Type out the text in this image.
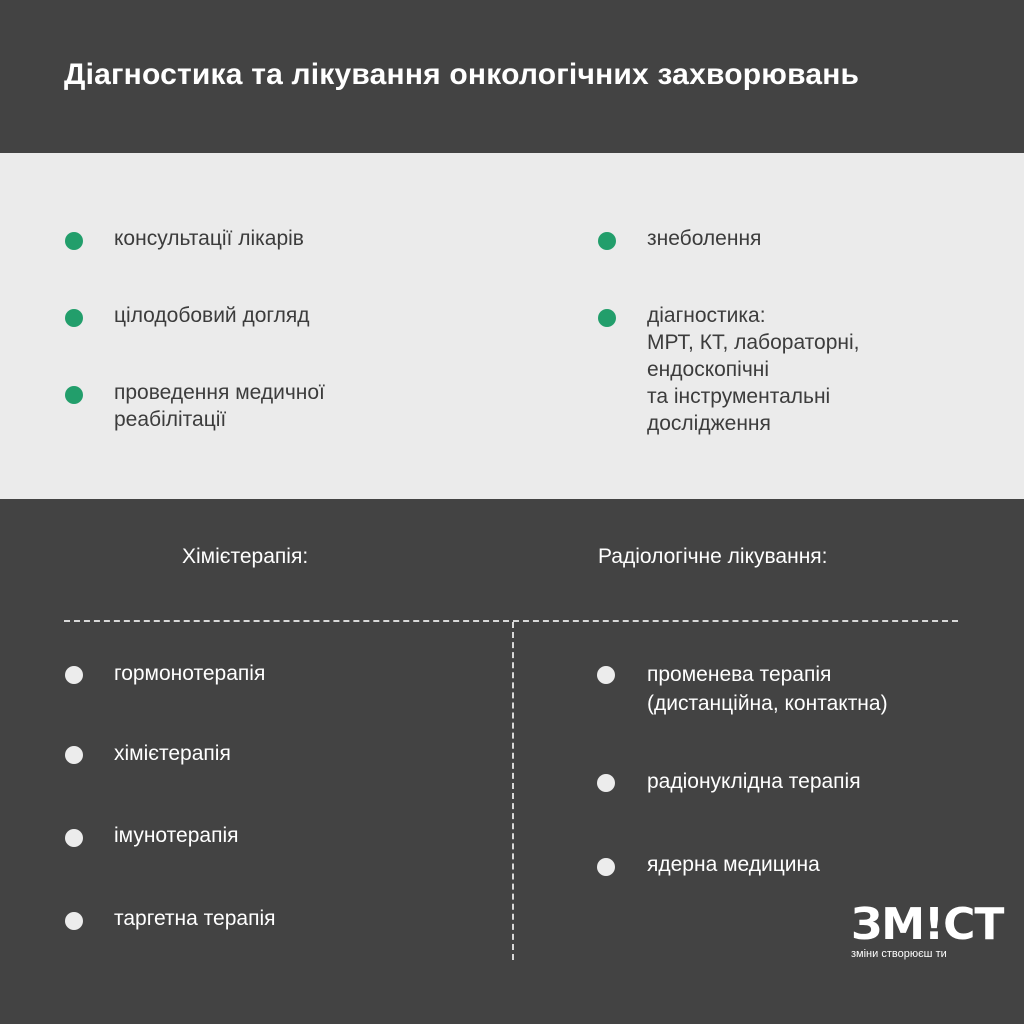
Діагностика та лікування онкологічних захворювань
консультації лікарів
цілодобовий догляд
проведення медичної
реабілітації
знеболення
діагностика:
МРТ, КТ, лабораторні,
ендоскопічні
та інструментальні
дослідження
Хімієтерапія:	Радіологічне лікування:
гормонотерапія
хімієтерапія
імунотерапія
таргетна терапія
променева терапія
(дистанційна, контактна)
радіонуклідна терапія
ядерна медицина
ЗМ!СТ
зміни створюєш ти
